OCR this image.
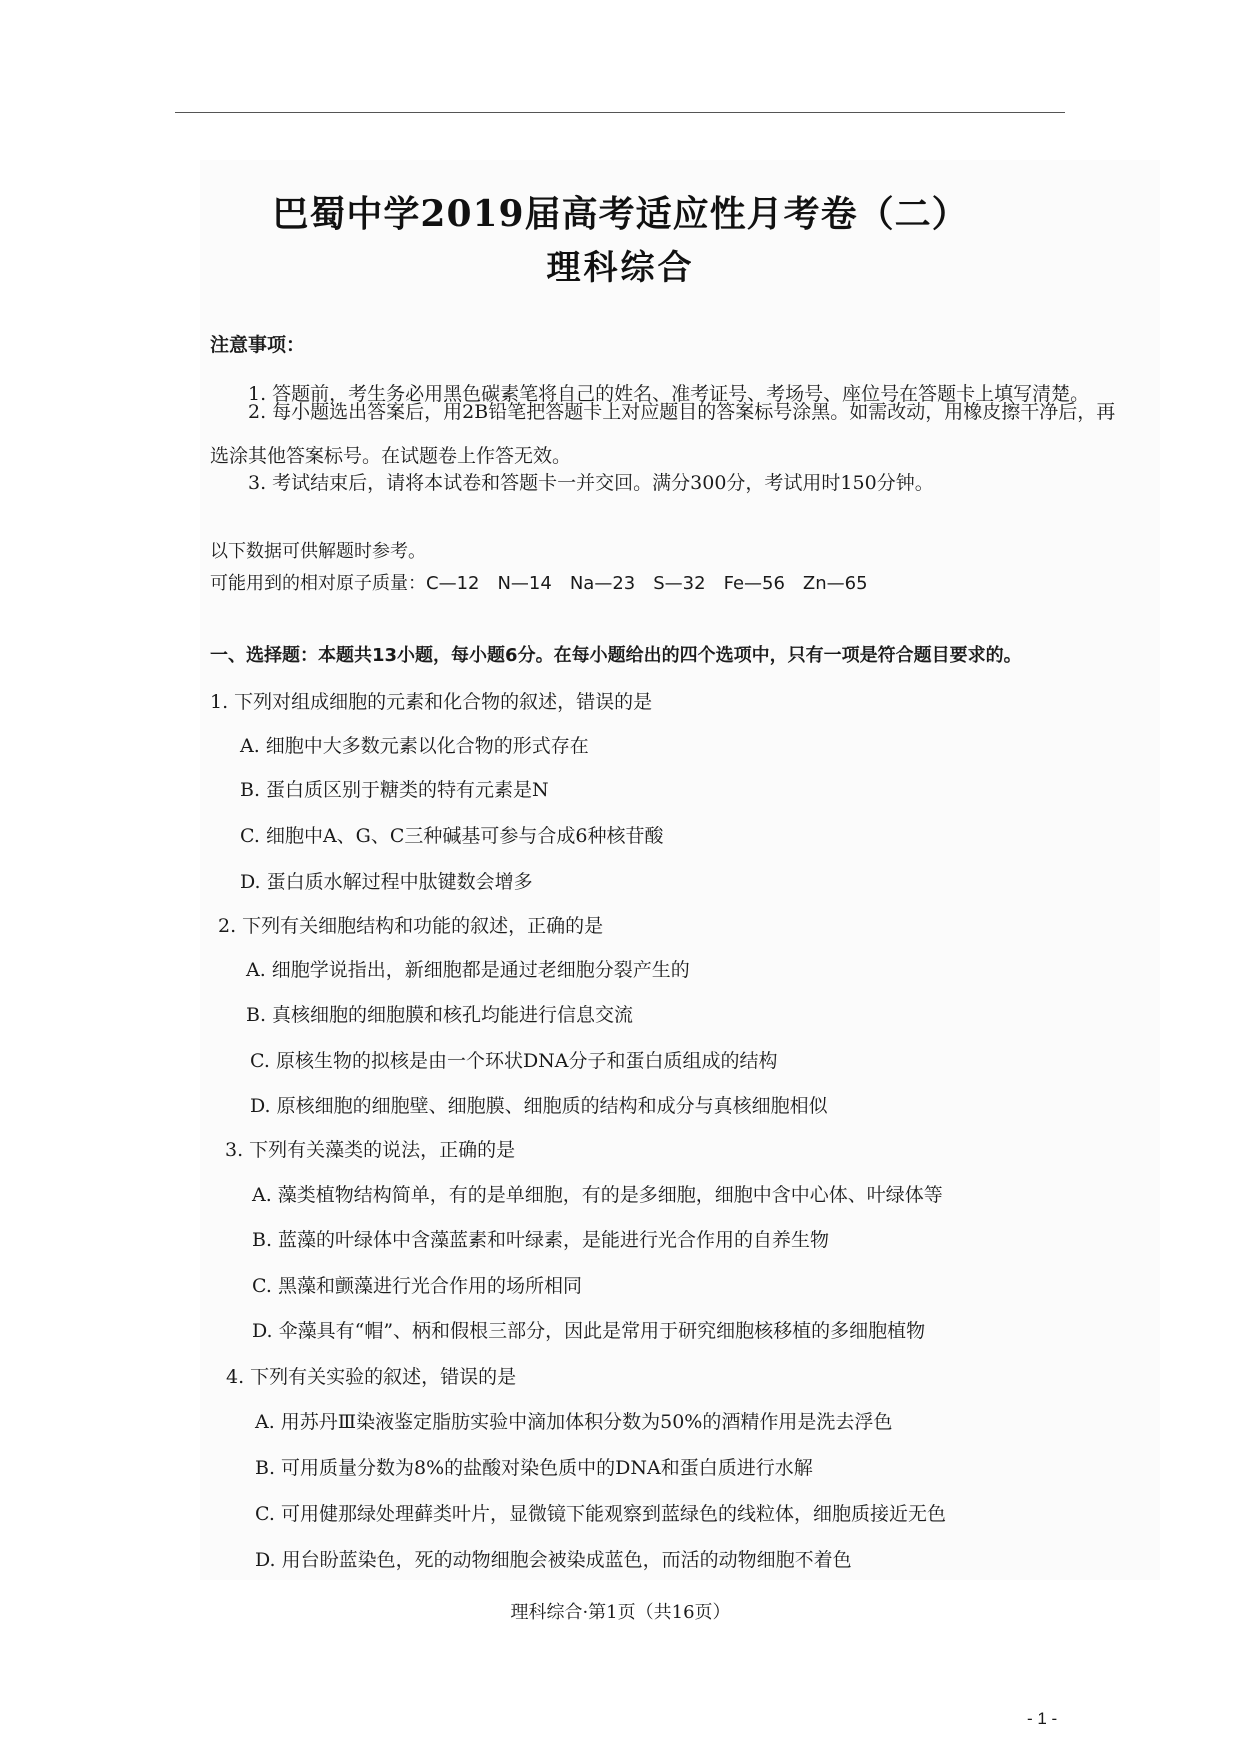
巴蜀中学2019届高考适应性月考卷（二）
理科综合
注意事项：
1. 答题前，考生务必用黑色碳素笔将自己的姓名、准考证号、考场号、座位号在答题卡上填写清楚。
2. 每小题选出答案后，用2B铅笔把答题卡上对应题目的答案标号涂黑。如需改动，用橡皮擦干净后，再
选涂其他答案标号。在试题卷上作答无效。
3. 考试结束后，请将本试卷和答题卡一并交回。满分300分，考试用时150分钟。
以下数据可供解题时参考。
可能用到的相对原子质量：C—12　N—14　Na—23　S—32　Fe—56　Zn—65
一、选择题：本题共13小题，每小题6分。在每小题给出的四个选项中，只有一项是符合题目要求的。
1. 下列对组成细胞的元素和化合物的叙述，错误的是
A. 细胞中大多数元素以化合物的形式存在
B. 蛋白质区别于糖类的特有元素是N
C. 细胞中A、G、C三种碱基可参与合成6种核苷酸
D. 蛋白质水解过程中肽键数会增多
2. 下列有关细胞结构和功能的叙述，正确的是
A. 细胞学说指出，新细胞都是通过老细胞分裂产生的
B. 真核细胞的细胞膜和核孔均能进行信息交流
C. 原核生物的拟核是由一个环状DNA分子和蛋白质组成的结构
D. 原核细胞的细胞壁、细胞膜、细胞质的结构和成分与真核细胞相似
3. 下列有关藻类的说法，正确的是
A. 藻类植物结构简单，有的是单细胞，有的是多细胞，细胞中含中心体、叶绿体等
B. 蓝藻的叶绿体中含藻蓝素和叶绿素，是能进行光合作用的自养生物
C. 黑藻和颤藻进行光合作用的场所相同
D. 伞藻具有“帽”、柄和假根三部分，因此是常用于研究细胞核移植的多细胞植物
4. 下列有关实验的叙述，错误的是
A. 用苏丹Ⅲ染液鉴定脂肪实验中滴加体积分数为50%的酒精作用是洗去浮色
B. 可用质量分数为8%的盐酸对染色质中的DNA和蛋白质进行水解
C. 可用健那绿处理藓类叶片，显微镜下能观察到蓝绿色的线粒体，细胞质接近无色
D. 用台盼蓝染色，死的动物细胞会被染成蓝色，而活的动物细胞不着色
理科综合·第1页（共16页）
- 1 -
